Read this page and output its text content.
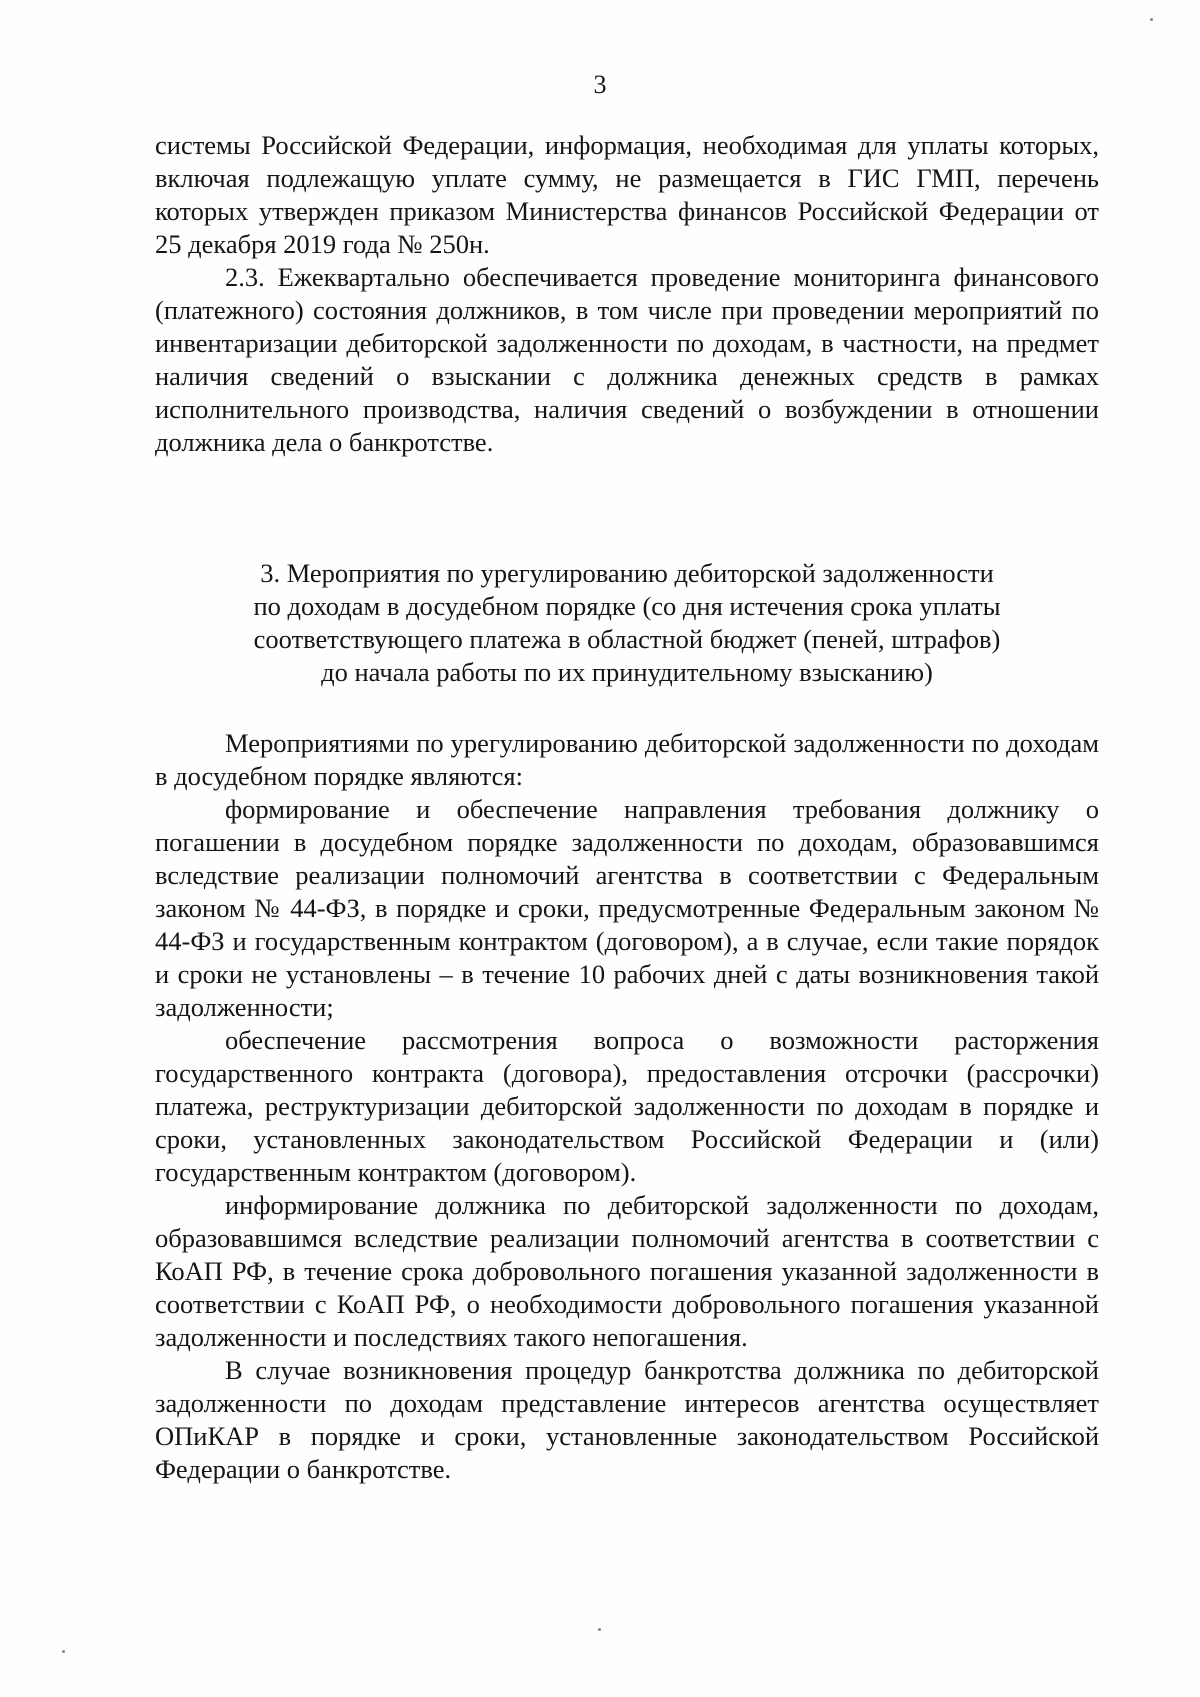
3

системы Российской Федерации, информация, необходимая для уплаты которых, включая подлежащую уплате сумму, не размещается в ГИС ГМП, перечень которых утвержден приказом Министерства финансов Российской Федерации от 25 декабря 2019 года № 250н.

2.3. Ежеквартально обеспечивается проведение мониторинга финансового (платежного) состояния должников, в том числе при проведении мероприятий по инвентаризации дебиторской задолженности по доходам, в частности, на предмет наличия сведений о взыскании с должника денежных средств в рамках исполнительного производства, наличия сведений о возбуждении в отношении должника дела о банкротстве.

3. Мероприятия по урегулированию дебиторской задолженности
по доходам в досудебном порядке (со дня истечения срока уплаты
соответствующего платежа в областной бюджет (пеней, штрафов)
до начала работы по их принудительному взысканию)

Мероприятиями по урегулированию дебиторской задолженности по доходам в досудебном порядке являются:

формирование и обеспечение направления требования должнику о погашении в досудебном порядке задолженности по доходам, образовавшимся вследствие реализации полномочий агентства в соответствии с Федеральным законом № 44-ФЗ, в порядке и сроки, предусмотренные Федеральным законом № 44-ФЗ и государственным контрактом (договором), а в случае, если такие порядок и сроки не установлены – в течение 10 рабочих дней с даты возникновения такой задолженности;

обеспечение рассмотрения вопроса о возможности расторжения государственного контракта (договора), предоставления отсрочки (рассрочки) платежа, реструктуризации дебиторской задолженности по доходам в порядке и сроки, установленных законодательством Российской Федерации и (или) государственным контрактом (договором).

информирование должника по дебиторской задолженности по доходам, образовавшимся вследствие реализации полномочий агентства в соответствии с КоАП РФ, в течение срока добровольного погашения указанной задолженности в соответствии с КоАП РФ, о необходимости добровольного погашения указанной задолженности и последствиях такого непогашения.

В случае возникновения процедур банкротства должника по дебиторской задолженности по доходам представление интересов агентства осуществляет ОПиКАР в порядке и сроки, установленные законодательством Российской Федерации о банкротстве.
